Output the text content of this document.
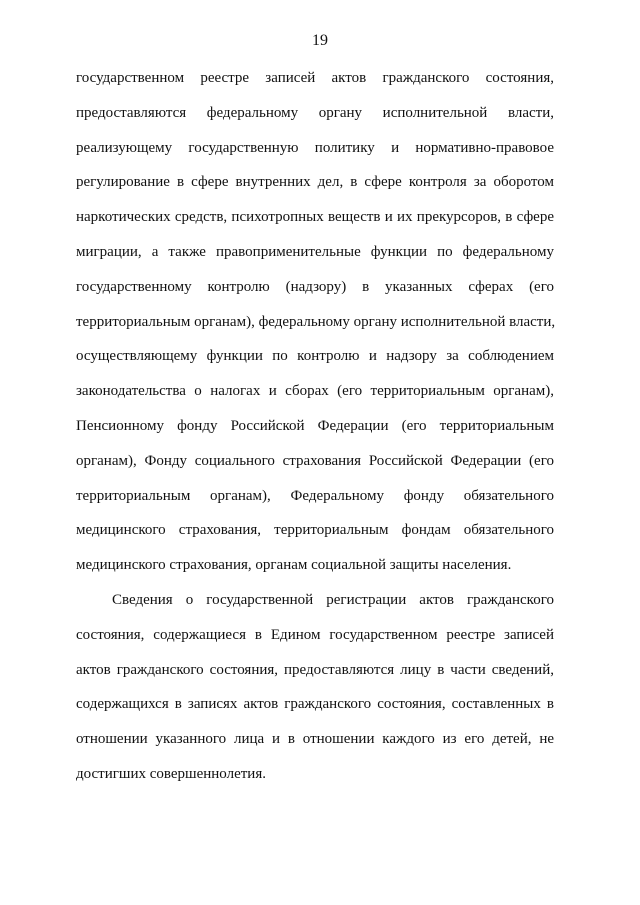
19
государственном реестре записей актов гражданского состояния,
предоставляются федеральному органу исполнительной власти,
реализующему государственную политику и нормативно-правовое
регулирование в сфере внутренних дел, в сфере контроля за оборотом
наркотических средств, психотропных веществ и их прекурсоров, в сфере
миграции, а также правоприменительные функции по федеральному
государственному контролю (надзору) в указанных сферах (его
территориальным органам), федеральному органу исполнительной власти,
осуществляющему функции по контролю и надзору за соблюдением
законодательства о налогах и сборах (его территориальным органам),
Пенсионному фонду Российской Федерации (его территориальным
органам), Фонду социального страхования Российской Федерации (его
территориальным органам), Федеральному фонду обязательного
медицинского страхования, территориальным фондам обязательного
медицинского страхования, органам социальной защиты населения.
Сведения о государственной регистрации актов гражданского
состояния, содержащиеся в Едином государственном реестре записей
актов гражданского состояния, предоставляются лицу в части сведений,
содержащихся в записях актов гражданского состояния, составленных в
отношении указанного лица и в отношении каждого из его детей, не
достигших совершеннолетия.
